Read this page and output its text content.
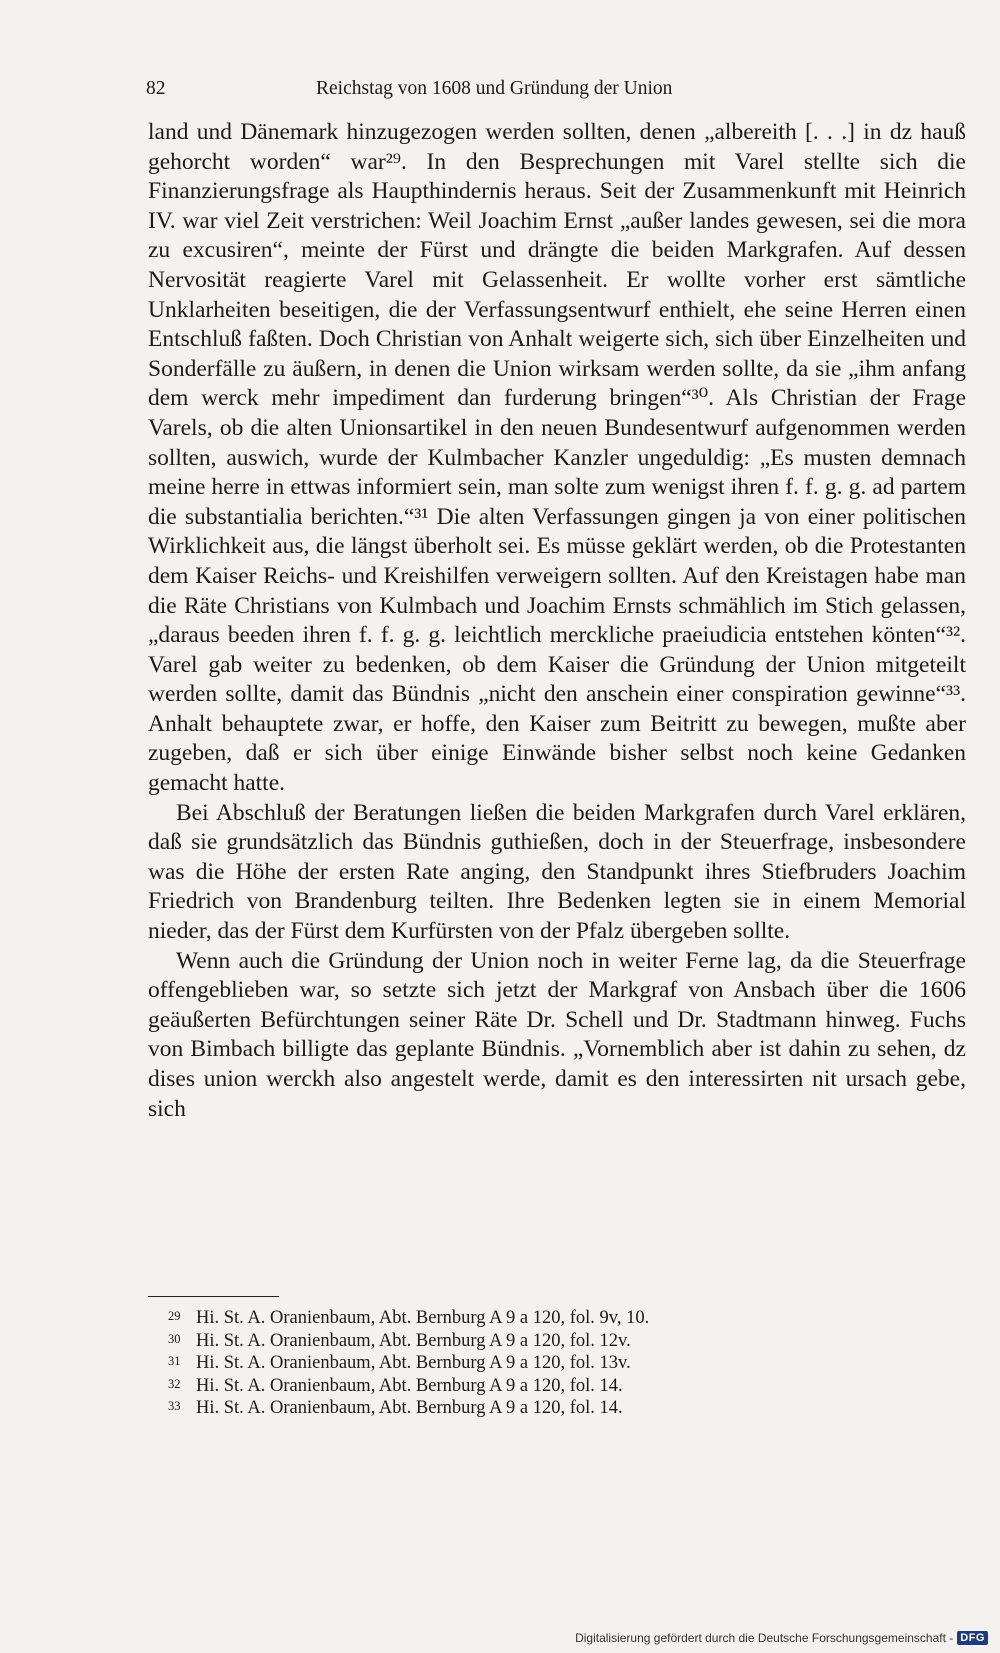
82	Reichstag von 1608 und Gründung der Union

land und Dänemark hinzugezogen werden sollten, denen „albereith [. . .] in dz hauß gehorcht worden“ war²⁹. In den Besprechungen mit Varel stellte sich die Finanzierungsfrage als Haupthindernis heraus. Seit der Zusammenkunft mit Heinrich IV. war viel Zeit verstrichen: Weil Joachim Ernst „außer landes gewesen, sei die mora zu excusiren“, meinte der Fürst und drängte die beiden Markgrafen. Auf dessen Nervosität reagierte Varel mit Gelassenheit. Er wollte vorher erst sämtliche Unklarheiten beseitigen, die der Verfassungsentwurf enthielt, ehe seine Herren einen Entschluß faßten. Doch Christian von Anhalt weigerte sich, sich über Einzelheiten und Sonderfälle zu äußern, in denen die Union wirksam werden sollte, da sie „ihm anfang dem werck mehr impediment dan furderung bringen“³⁰. Als Christian der Frage Varels, ob die alten Unionsartikel in den neuen Bundesentwurf aufgenommen werden sollten, auswich, wurde der Kulmbacher Kanzler ungeduldig: „Es musten demnach meine herre in ettwas informiert sein, man solte zum wenigst ihren f. f. g. g. ad partem die substantialia berichten.“³¹ Die alten Verfassungen gingen ja von einer politischen Wirklichkeit aus, die längst überholt sei. Es müsse geklärt werden, ob die Protestanten dem Kaiser Reichs- und Kreishilfen verweigern sollten. Auf den Kreistagen habe man die Räte Christians von Kulmbach und Joachim Ernsts schmählich im Stich gelassen, „daraus beeden ihren f. f. g. g. leichtlich merckliche praeiudicia entstehen könten“³². Varel gab weiter zu bedenken, ob dem Kaiser die Gründung der Union mitgeteilt werden sollte, damit das Bündnis „nicht den anschein einer conspiration gewinne“³³. Anhalt behauptete zwar, er hoffe, den Kaiser zum Beitritt zu bewegen, mußte aber zugeben, daß er sich über einige Einwände bisher selbst noch keine Gedanken gemacht hatte.

Bei Abschluß der Beratungen ließen die beiden Markgrafen durch Varel erklären, daß sie grundsätzlich das Bündnis guthießen, doch in der Steuerfrage, insbesondere was die Höhe der ersten Rate anging, den Standpunkt ihres Stiefbruders Joachim Friedrich von Brandenburg teilten. Ihre Bedenken legten sie in einem Memorial nieder, das der Fürst dem Kurfürsten von der Pfalz übergeben sollte.

Wenn auch die Gründung der Union noch in weiter Ferne lag, da die Steuerfrage offengeblieben war, so setzte sich jetzt der Markgraf von Ansbach über die 1606 geäußerten Befürchtungen seiner Räte Dr. Schell und Dr. Stadtmann hinweg. Fuchs von Bimbach billigte das geplante Bündnis. „Vornemblich aber ist dahin zu sehen, dz dises union werckh also angestelt werde, damit es den interessirten nit ursach gebe, sich

29 Hi. St. A. Oranienbaum, Abt. Bernburg A 9 a 120, fol. 9v, 10.
30 Hi. St. A. Oranienbaum, Abt. Bernburg A 9 a 120, fol. 12v.
31 Hi. St. A. Oranienbaum, Abt. Bernburg A 9 a 120, fol. 13v.
32 Hi. St. A. Oranienbaum, Abt. Bernburg A 9 a 120, fol. 14.
33 Hi. St. A. Oranienbaum, Abt. Bernburg A 9 a 120, fol. 14.
Digitalisierung gefördert durch die Deutsche Forschungsgemeinschaft - DFG
